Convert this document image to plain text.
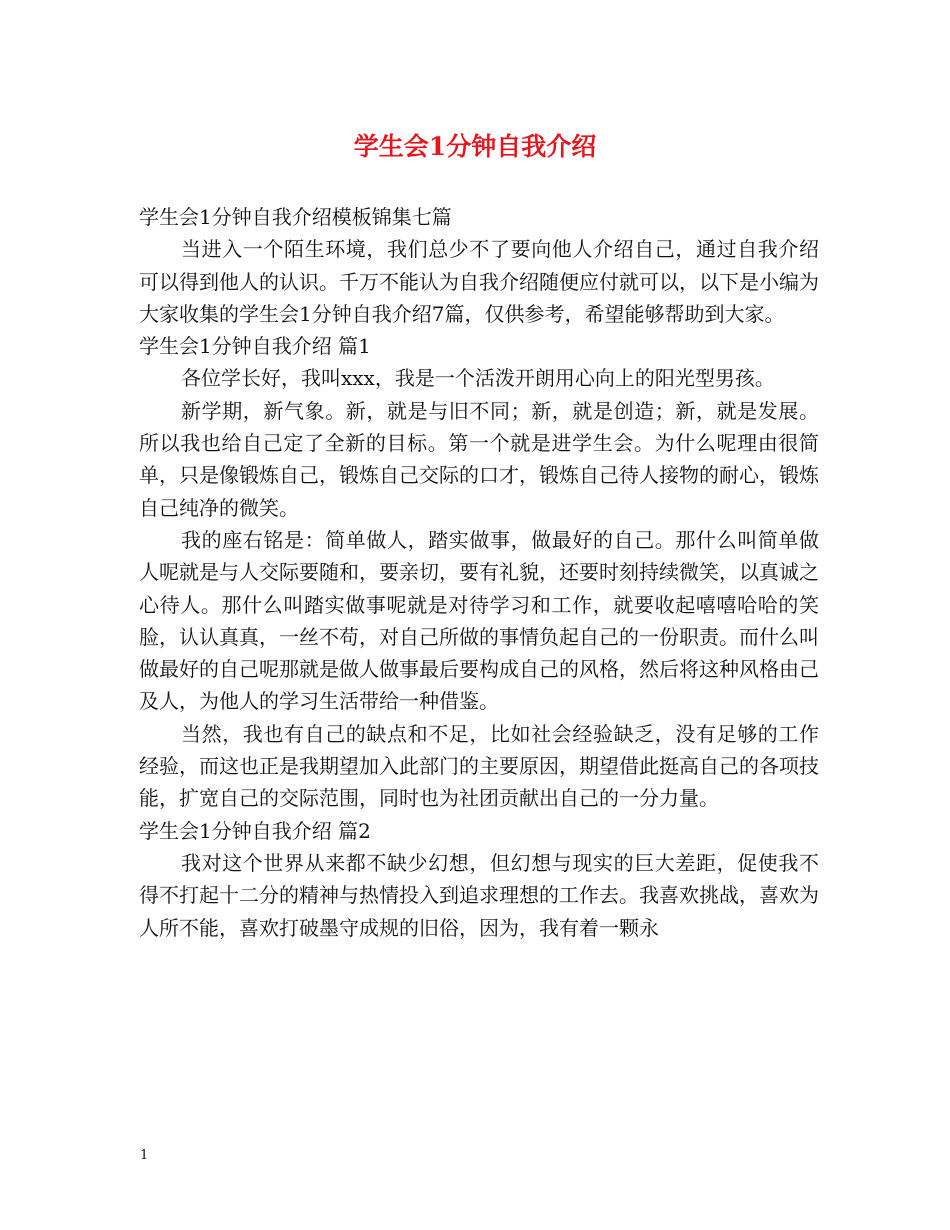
学生会1分钟自我介绍

学生会1分钟自我介绍模板锦集七篇

当进入一个陌生环境，我们总少不了要向他人介绍自己，通过自我介绍可以得到他人的认识。千万不能认为自我介绍随便应付就可以，以下是小编为大家收集的学生会1分钟自我介绍7篇，仅供参考，希望能够帮助到大家。

学生会1分钟自我介绍 篇1

各位学长好，我叫xxx，我是一个活泼开朗用心向上的阳光型男孩。

新学期，新气象。新，就是与旧不同；新，就是创造；新，就是发展。所以我也给自己定了全新的目标。第一个就是进学生会。为什么呢理由很简单，只是像锻炼自己，锻炼自己交际的口才，锻炼自己待人接物的耐心，锻炼自己纯净的微笑。

我的座右铭是：简单做人，踏实做事，做最好的自己。那什么叫简单做人呢就是与人交际要随和，要亲切，要有礼貌，还要时刻持续微笑，以真诚之心待人。那什么叫踏实做事呢就是对待学习和工作，就要收起嘻嘻哈哈的笑脸，认认真真，一丝不苟，对自己所做的事情负起自己的一份职责。而什么叫做最好的自己呢那就是做人做事最后要构成自己的风格，然后将这种风格由己及人，为他人的学习生活带给一种借鉴。

当然，我也有自己的缺点和不足，比如社会经验缺乏，没有足够的工作经验，而这也正是我期望加入此部门的主要原因，期望借此挺高自己的各项技能，扩宽自己的交际范围，同时也为社团贡献出自己的一分力量。

学生会1分钟自我介绍 篇2

我对这个世界从来都不缺少幻想，但幻想与现实的巨大差距，促使我不得不打起十二分的精神与热情投入到追求理想的工作去。我喜欢挑战，喜欢为人所不能，喜欢打破墨守成规的旧俗，因为，我有着一颗永

1
